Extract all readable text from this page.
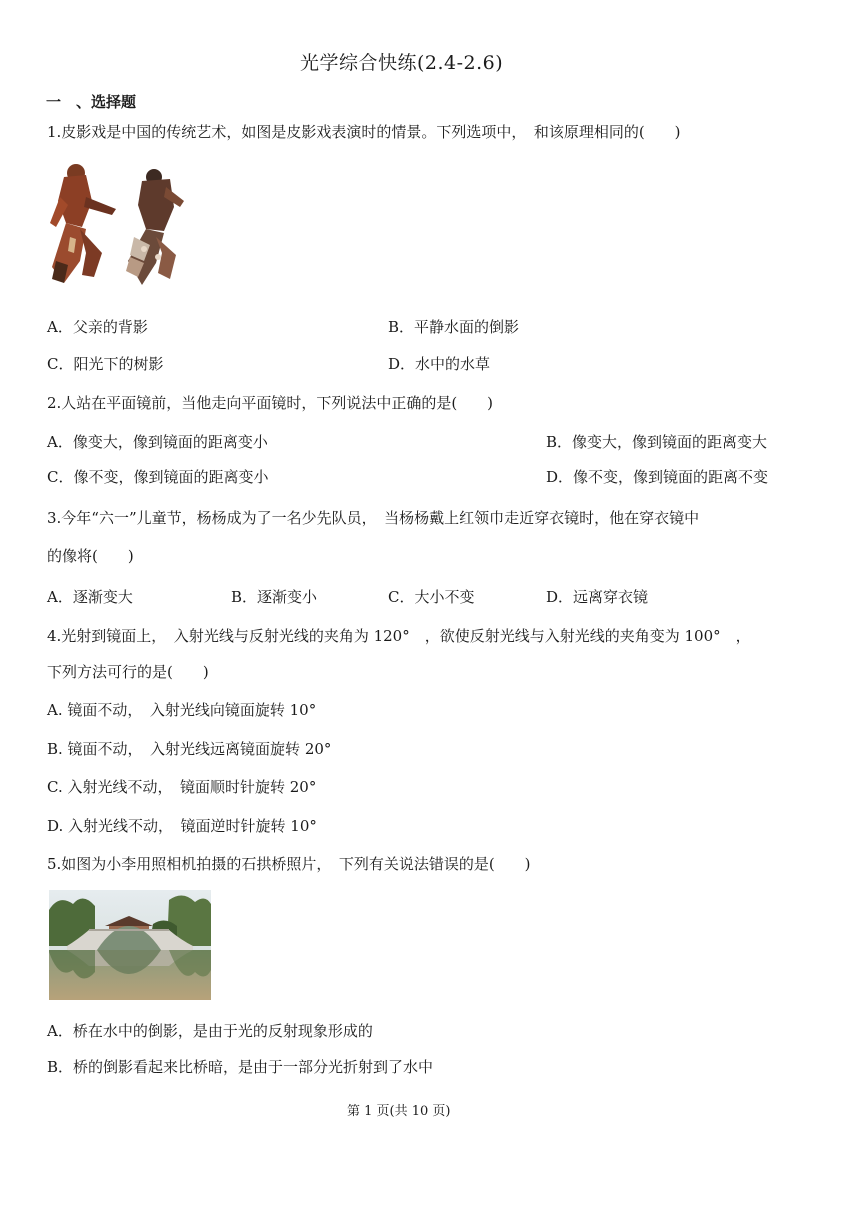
光学综合快练(2.4-2.6)
一　、选择题
1.皮影戏是中国的传统艺术，如图是皮影戏表演时的情景。下列选项中，　和该原理相同的(　　)
A．父亲的背影	B．平静水面的倒影
C．阳光下的树影	D．水中的水草
2.人站在平面镜前，当他走向平面镜时，下列说法中正确的是(　　)
A．像变大，像到镜面的距离变小	B．像变大，像到镜面的距离变大
C．像不变，像到镜面的距离变小	D．像不变，像到镜面的距离不变
3.今年“六一”儿童节，杨杨成为了一名少先队员，　当杨杨戴上红领巾走近穿衣镜时，他在穿衣镜中
的像将(　　)
A．逐渐变大	B．逐渐变小	C．大小不变	D．远离穿衣镜
4.光射到镜面上，　入射光线与反射光线的夹角为 120°　，欲使反射光线与入射光线的夹角变为 100°　，
下列方法可行的是(　　)
A. 镜面不动，　入射光线向镜面旋转 10°
B. 镜面不动，　入射光线远离镜面旋转 20°
C. 入射光线不动，　镜面顺时针旋转 20°
D. 入射光线不动，　镜面逆时针旋转 10°
5.如图为小李用照相机拍摄的石拱桥照片，　下列有关说法错误的是(　　)
A．桥在水中的倒影，是由于光的反射现象形成的
B．桥的倒影看起来比桥暗，是由于一部分光折射到了水中
第 1 页(共 10 页)
